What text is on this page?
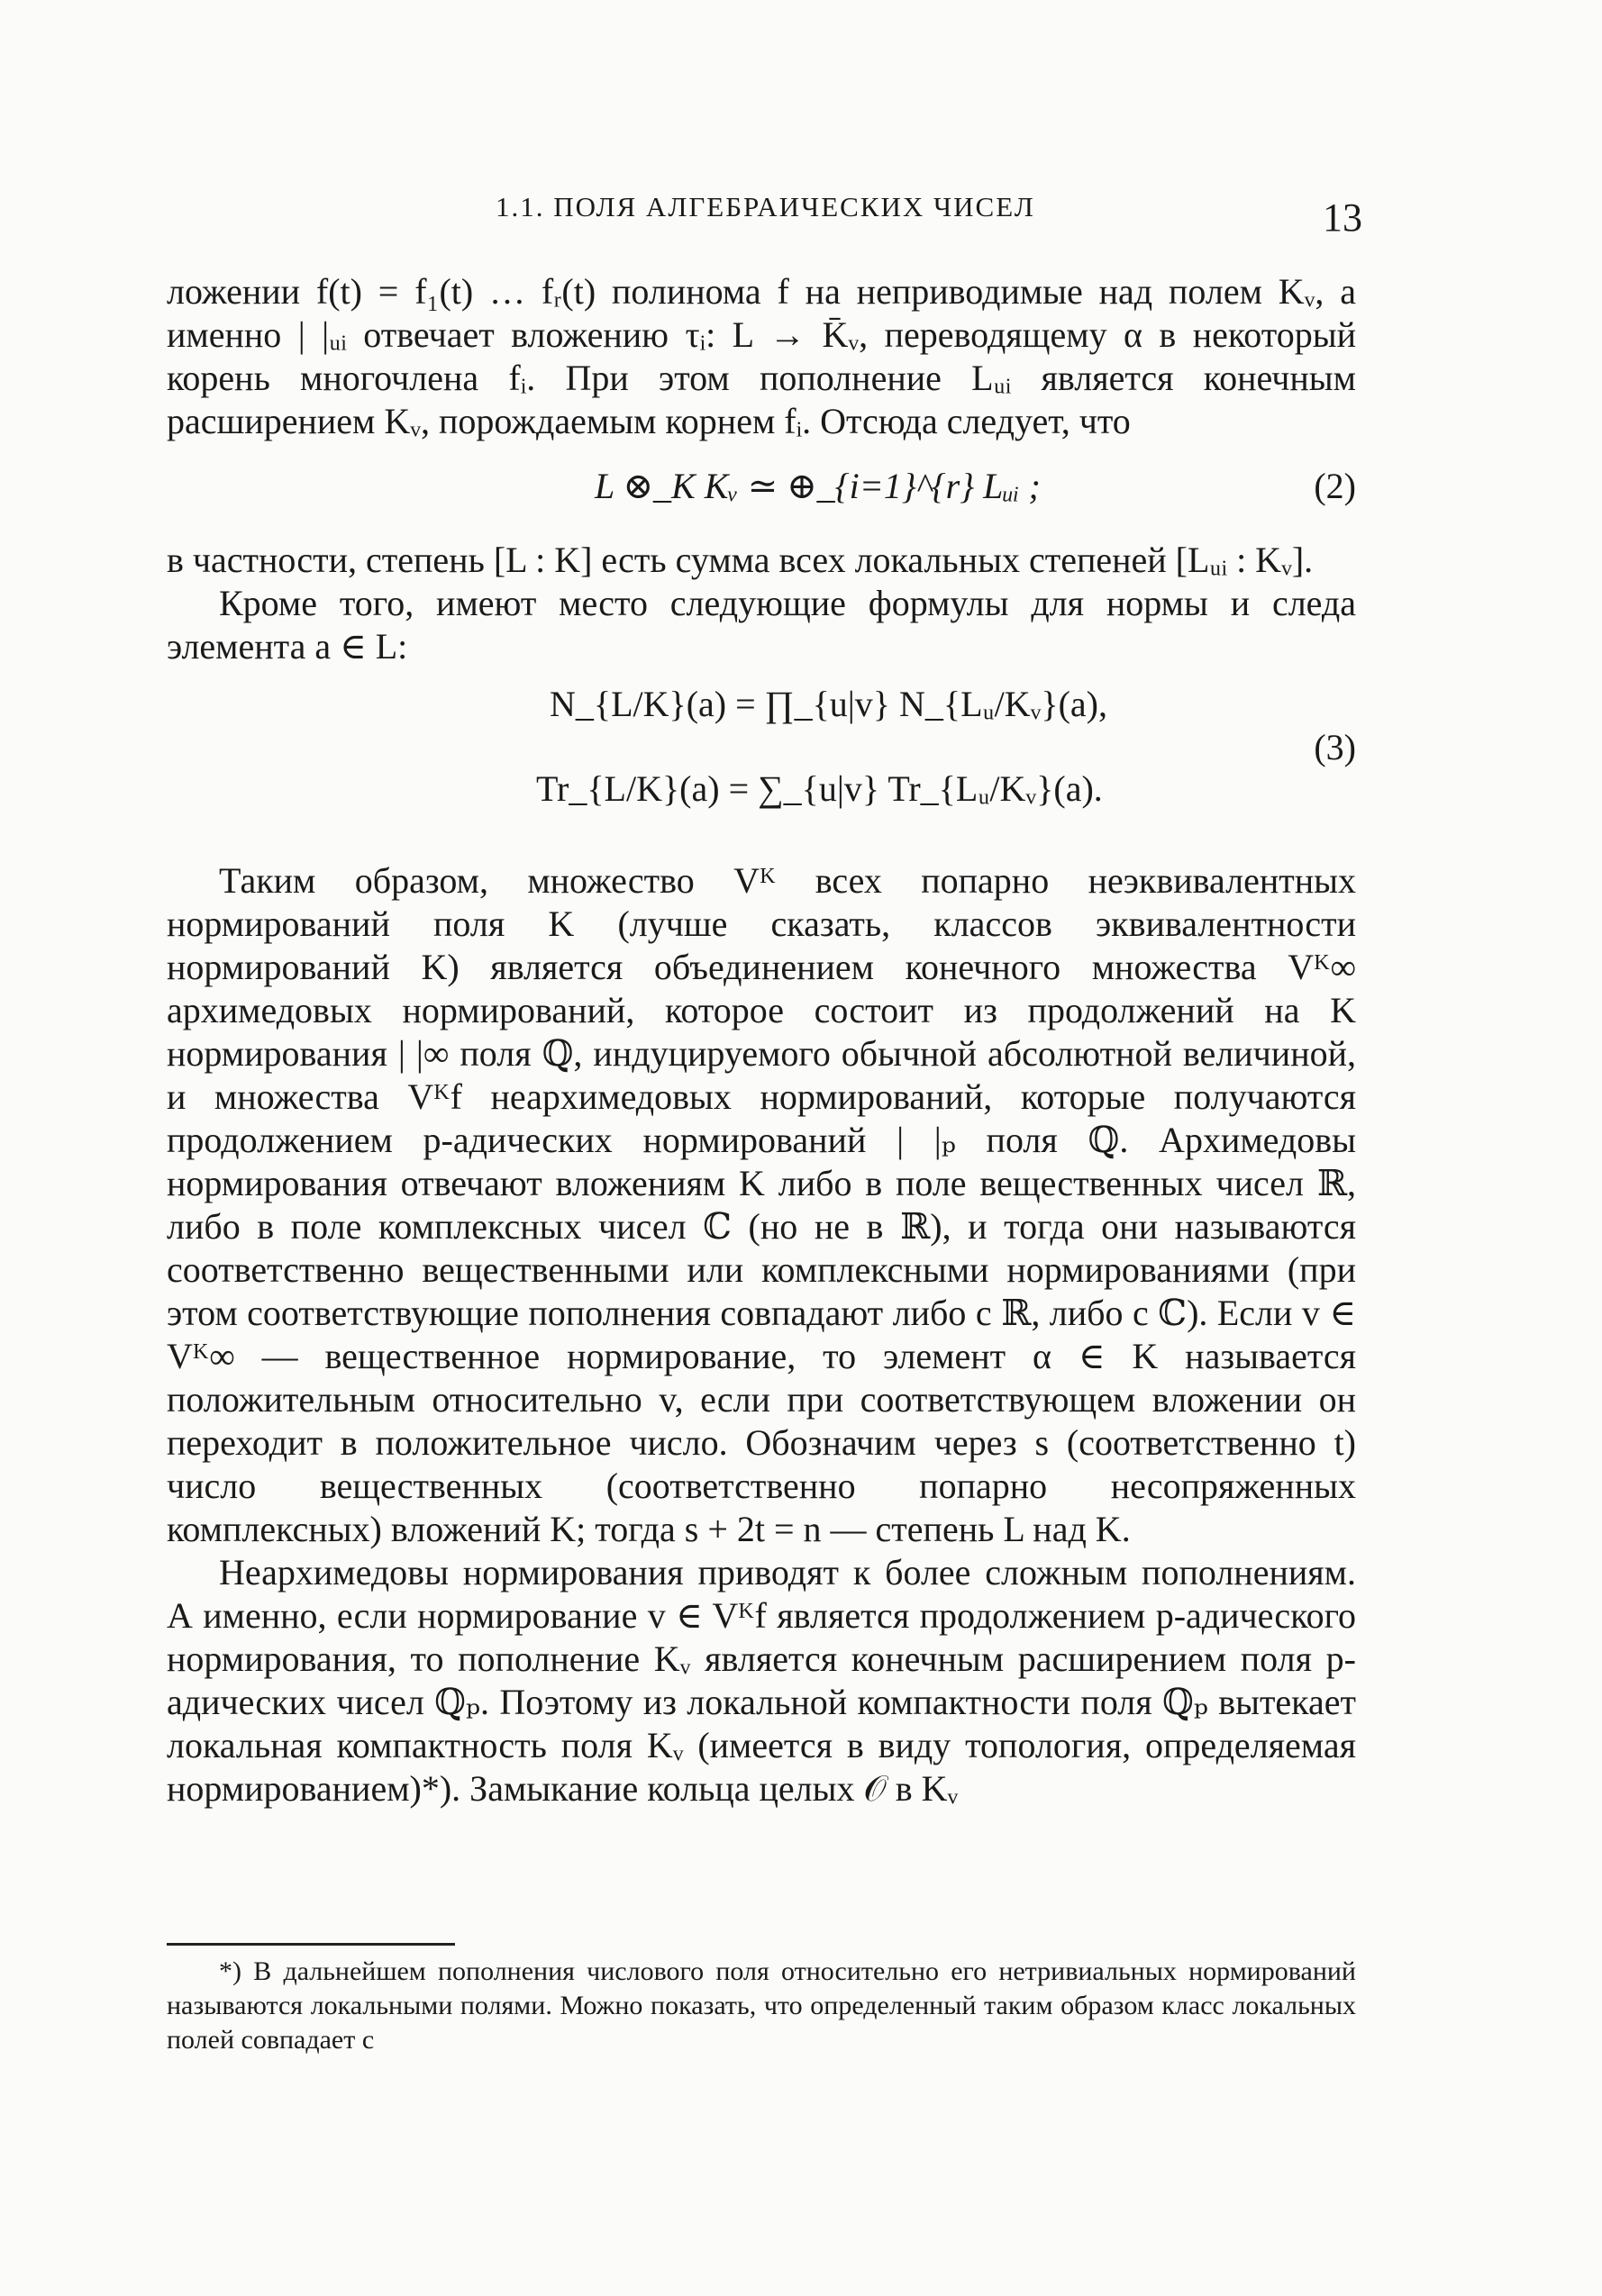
1.1. ПОЛЯ АЛГЕБРАИЧЕСКИХ ЧИСЕЛ	13

ложении f(t) = f₁(t) … fᵣ(t) полинома f на неприводимые над полем Kᵥ, а именно | |ᵤᵢ отвечает вложению τᵢ: L → K̄ᵥ, переводящему α в некоторый корень многочлена fᵢ. При этом пополнение Lᵤᵢ является конечным расширением Kᵥ, порождаемым корнем fᵢ. Отсюда следует, что

L ⊗_K Kᵥ ≃ ⊕_{i=1}^{r} Lᵤᵢ ;	(2)

в частности, степень [L : K] есть сумма всех локальных степеней [Lᵤᵢ : Kᵥ].

Кроме того, имеют место следующие формулы для нормы и следа элемента a ∈ L:

N_{L/K}(a) = ∏_{u|v} N_{Lᵤ/Kᵥ}(a),
Tr_{L/K}(a) = ∑_{u|v} Tr_{Lᵤ/Kᵥ}(a).
(3)

Таким образом, множество Vᴷ всех попарно неэквивалентных нормирований поля K (лучше сказать, классов эквивалентности нормирований K) является объединением конечного множества Vᴷ∞ архимедовых нормирований, которое состоит из продолжений на K нормирования | |∞ поля ℚ, индуцируемого обычной абсолютной величиной, и множества Vᴷf неархимедовых нормирований, которые получаются продолжением p-адических нормирований | |ₚ поля ℚ. Архимедовы нормирования отвечают вложениям K либо в поле вещественных чисел ℝ, либо в поле комплексных чисел ℂ (но не в ℝ), и тогда они называются соответственно вещественными или комплексными нормированиями (при этом соответствующие пополнения совпадают либо с ℝ, либо с ℂ). Если v ∈ Vᴷ∞ — вещественное нормирование, то элемент α ∈ K называется положительным относительно v, если при соответствующем вложении он переходит в положительное число. Обозначим через s (соответственно t) число вещественных (соответственно попарно несопряженных комплексных) вложений K; тогда s + 2t = n — степень L над K.

Неархимедовы нормирования приводят к более сложным пополнениям. А именно, если нормирование v ∈ Vᴷf является продолжением p-адического нормирования, то пополнение Kᵥ является конечным расширением поля p-адических чисел ℚₚ. Поэтому из локальной компактности поля ℚₚ вытекает локальная компактность поля Kᵥ (имеется в виду топология, определяемая нормированием)*). Замыкание кольца целых 𝒪 в Kᵥ

*) В дальнейшем пополнения числового поля относительно его нетривиальных нормирований называются локальными полями. Можно показать, что определенный таким образом класс локальных полей совпадает с
